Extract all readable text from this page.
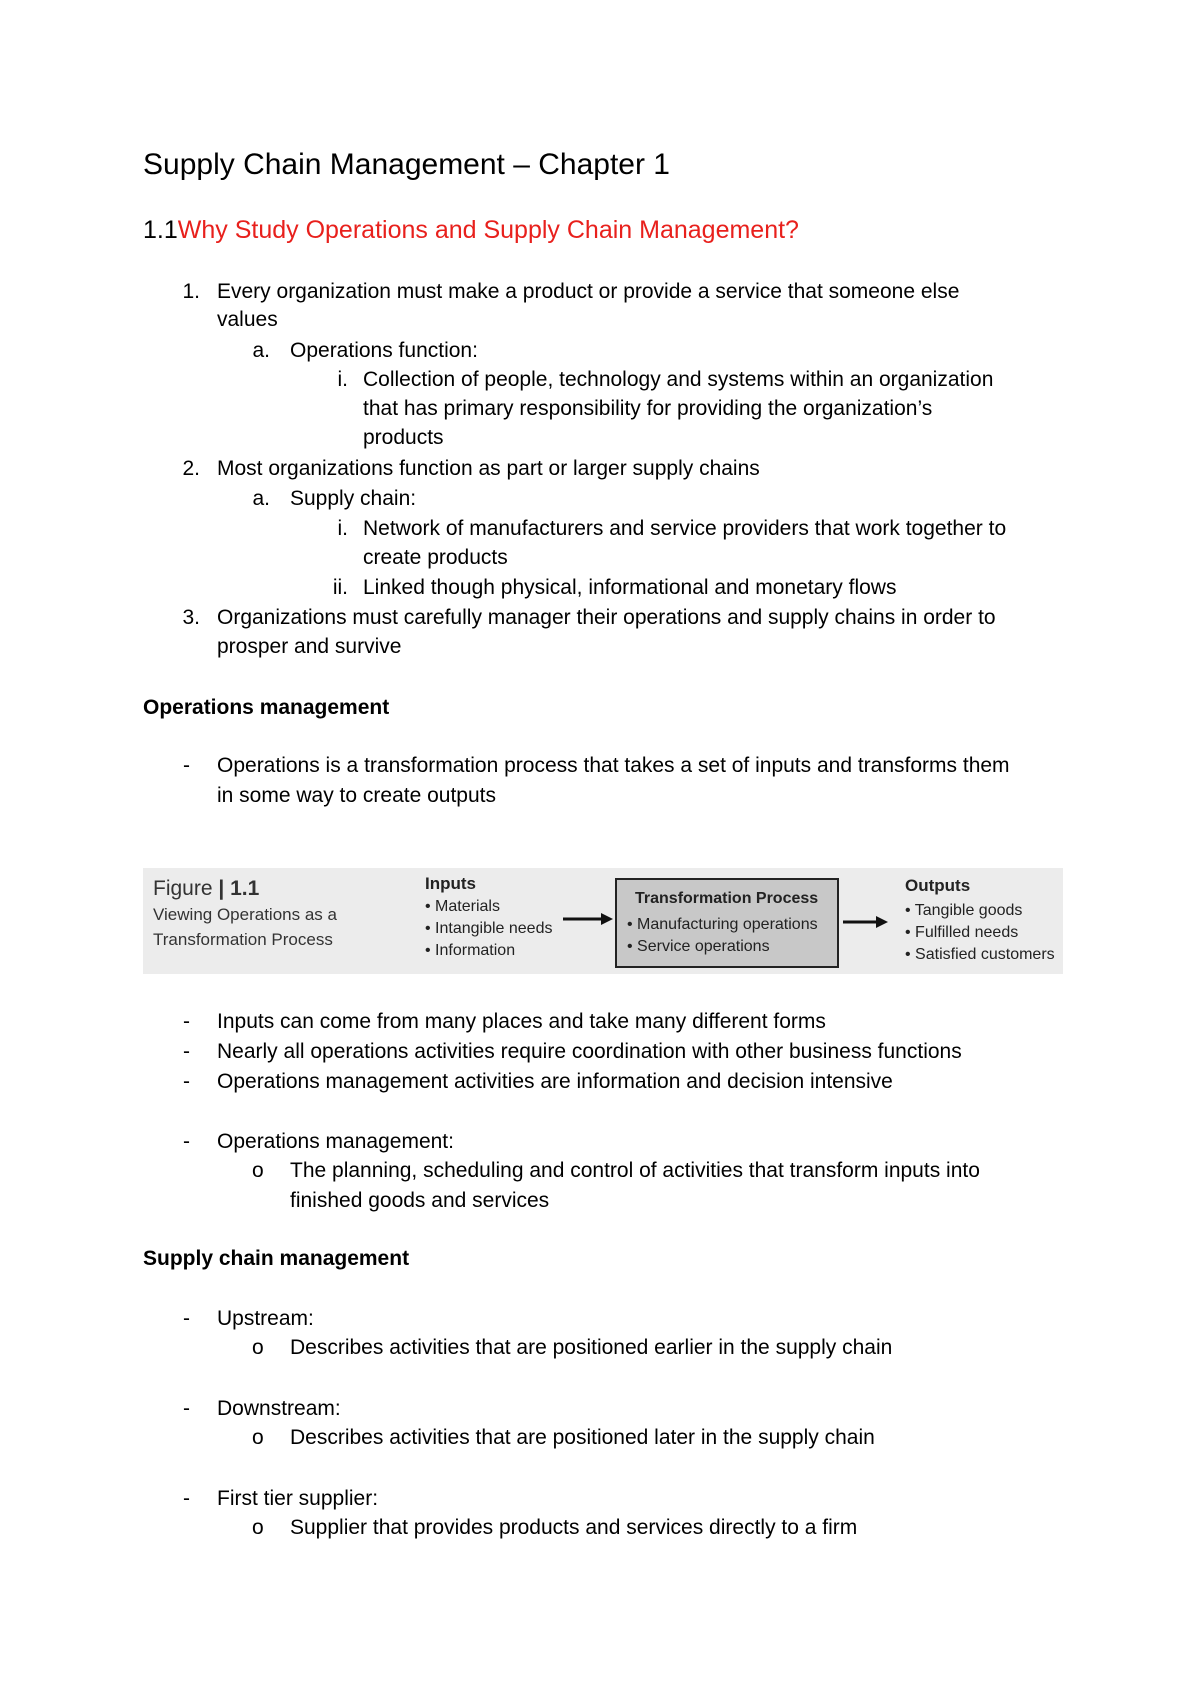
Supply Chain Management – Chapter 1
1.1Why Study Operations and Supply Chain Management?
1. Every organization must make a product or provide a service that someone else
values
a. Operations function:
i. Collection of people, technology and systems within an organization
that has primary responsibility for providing the organization’s
products
2. Most organizations function as part or larger supply chains
a. Supply chain:
i. Network of manufacturers and service providers that work together to
create products
ii. Linked though physical, informational and monetary flows
3. Organizations must carefully manager their operations and supply chains in order to
prosper and survive
Operations management
- Operations is a transformation process that takes a set of inputs and transforms them
in some way to create outputs
Figure | 1.1
Viewing Operations as a
Transformation Process
Inputs
• Materials
• Intangible needs
• Information
Transformation Process
• Manufacturing operations
• Service operations
Outputs
• Tangible goods
• Fulfilled needs
• Satisfied customers
- Inputs can come from many places and take many different forms
- Nearly all operations activities require coordination with other business functions
- Operations management activities are information and decision intensive
- Operations management:
o The planning, scheduling and control of activities that transform inputs into
finished goods and services
Supply chain management
- Upstream:
o Describes activities that are positioned earlier in the supply chain
- Downstream:
o Describes activities that are positioned later in the supply chain
- First tier supplier:
o Supplier that provides products and services directly to a firm
